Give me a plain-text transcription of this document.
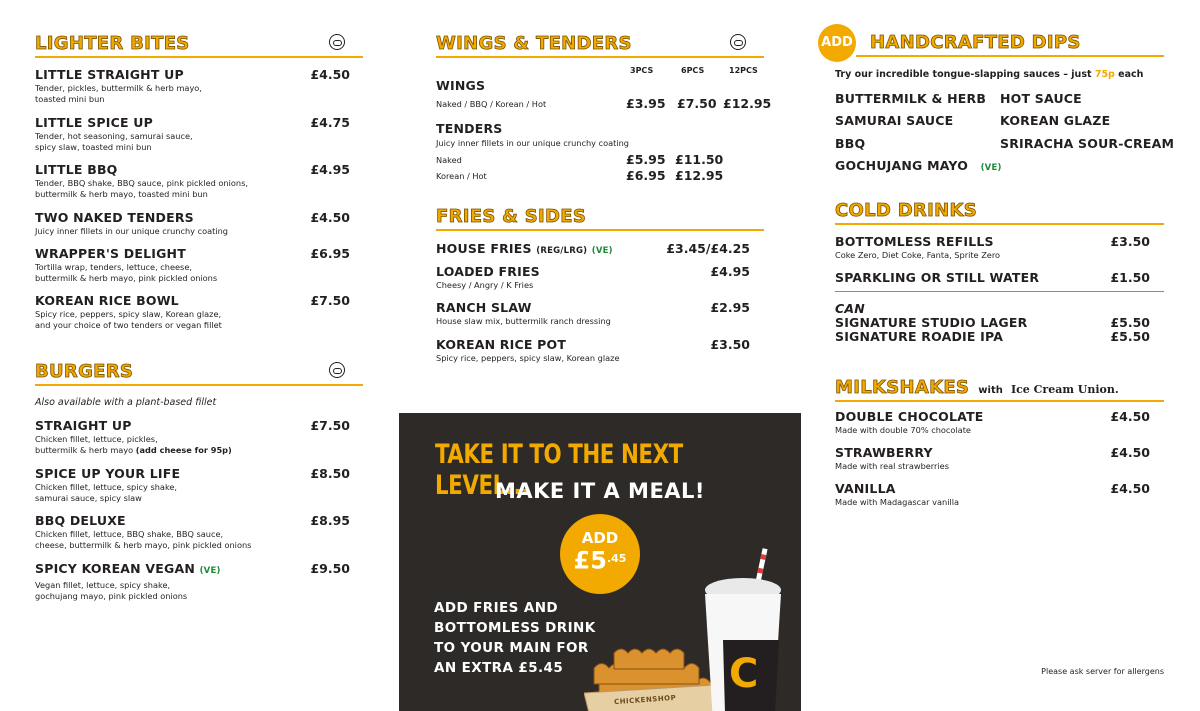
LIGHTER BITES
LITTLE STRAIGHT UP
Tender, pickles, buttermilk & herb mayo,
toasted mini bun
£4.50
LITTLE SPICE UP
Tender, hot seasoning, samurai sauce,
spicy slaw, toasted mini bun
£4.75
LITTLE BBQ
Tender, BBQ shake, BBQ sauce, pink pickled onions,
buttermilk & herb mayo, toasted mini bun
£4.95
TWO NAKED TENDERS
Juicy inner fillets in our unique crunchy coating
£4.50
WRAPPER'S DELIGHT
Tortilla wrap, tenders, lettuce, cheese,
buttermilk & herb mayo, pink pickled onions
£6.95
KOREAN RICE BOWL
Spicy rice, peppers, spicy slaw, Korean glaze,
and your choice of two tenders or vegan fillet
£7.50
BURGERS
Also available with a plant-based fillet
STRAIGHT UP
Chicken fillet, lettuce, pickles,
buttermilk & herb mayo (add cheese for 95p)
£7.50
SPICE UP YOUR LIFE
Chicken fillet, lettuce, spicy shake,
samurai sauce, spicy slaw
£8.50
BBQ DELUXE
Chicken fillet, lettuce, BBQ shake, BBQ sauce,
cheese, buttermilk & herb mayo, pink pickled onions
£8.95
SPICY KOREAN VEGAN (VE)
Vegan fillet, lettuce, spicy shake,
gochujang mayo, pink pickled onions
£9.50
WINGS & TENDERS
3PCS	6PCS	12PCS
WINGS
Naked / BBQ / Korean / Hot	£3.95 £7.50 £12.95
TENDERS
Juicy inner fillets in our unique crunchy coating
Naked	£5.95 £11.50
Korean / Hot	£6.95 £12.95
FRIES & SIDES
HOUSE FRIES (REG/LRG) (VE)	£3.45/£4.25
LOADED FRIES
Cheesy / Angry / K Fries
£4.95
RANCH SLAW
House slaw mix, buttermilk ranch dressing
£2.95
KOREAN RICE POT
Spicy rice, peppers, spicy slaw, Korean glaze
£3.50
TAKE IT TO THE NEXT LEVEL...
MAKE IT A MEAL!
ADD
$£5^{.45}$
ADD FRIES AND
BOTTOMLESS DRINK
TO YOUR MAIN FOR
AN EXTRA £5.45
CHICKENSHOP
C
ADD HANDCRAFTED DIPS
Try our incredible tongue-slapping sauces – just 75p each
BUTTERMILK & HERB
SAMURAI SAUCE
BBQ
GOCHUJANG MAYO (VE)
HOT SAUCE
KOREAN GLAZE
SRIRACHA SOUR-CREAM
COLD DRINKS
BOTTOMLESS REFILLS
Coke Zero, Diet Coke, Fanta, Sprite Zero
£3.50
SPARKLING OR STILL WATER	£1.50
CAN
SIGNATURE STUDIO LAGER	£5.50
SIGNATURE ROADIE IPA	£5.50
MILKSHAKES with Ice Cream Union.
DOUBLE CHOCOLATE
Made with double 70% chocolate
£4.50
STRAWBERRY
Made with real strawberries
£4.50
VANILLA
Made with Madagascar vanilla
£4.50
Please ask server for allergens
